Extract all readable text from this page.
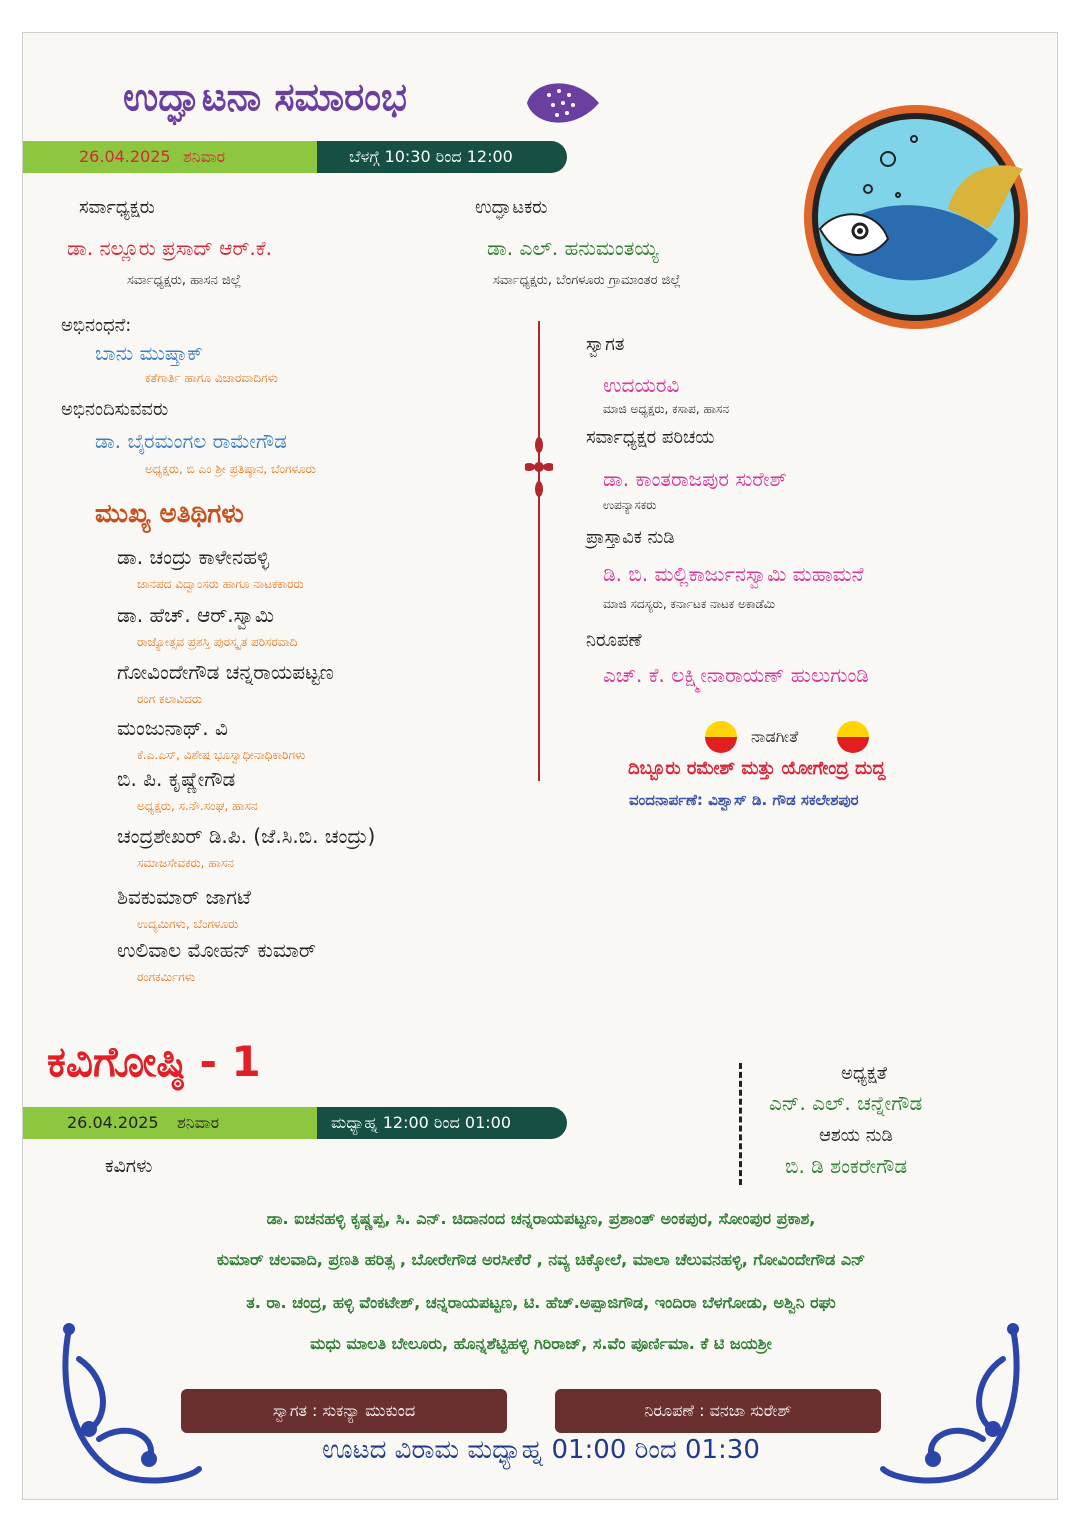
ಉದ್ಘಾಟನಾ ಸಮಾರಂಭ
26.04.2025 ಶನಿವಾರ	ಬೆಳಗ್ಗೆ 10:30 ರಿಂದ 12:00
ಸರ್ವಾಧ್ಯಕ್ಷರು
ಡಾ. ನಲ್ಲೂರು ಪ್ರಸಾದ್ ಆರ್.ಕೆ.
ಸರ್ವಾಧ್ಯಕ್ಷರು, ಹಾಸನ ಜಿಲ್ಲೆ
ಉದ್ಘಾಟಕರು
ಡಾ. ಎಲ್. ಹನುಮಂತಯ್ಯ
ಸರ್ವಾಧ್ಯಕ್ಷರು, ಬೆಂಗಳೂರು ಗ್ರಾಮಾಂತರ ಜಿಲ್ಲೆ
ಅಭಿನಂಧನೆ:
ಬಾನು ಮುಷ್ತಾಕ್
ಕತೆಗಾರ್ತಿ ಹಾಗೂ ವಿಚಾರವಾದಿಗಳು
ಅಭಿನಂದಿಸುವವರು
ಡಾ. ಬೈರಮಂಗಲ ರಾಮೇಗೌಡ
ಅಧ್ಯಕ್ಷರು, ಬಿ ಎಂ ಶ್ರೀ ಪ್ರತಿಷ್ಠಾನ, ಬೆಂಗಳೂರು
ಮುಖ್ಯ ಅತಿಥಿಗಳು
ಡಾ. ಚಂದ್ರು ಕಾಳೇನಹಳ್ಳಿ
ಜಾನಪದ ವಿದ್ವಾಂಸರು ಹಾಗೂ ನಾಟಕಕಾರರು
ಡಾ. ಹೆಚ್. ಆರ್.ಸ್ವಾಮಿ
ರಾಜ್ಯೋತ್ಸವ ಪ್ರಶಸ್ತಿ ಪುರಸ್ಕೃತ ಪರಿಸರವಾದಿ
ಗೋವಿಂದೇಗೌಡ ಚನ್ನರಾಯಪಟ್ಟಣ
ರಂಗ ಕಲಾವಿದರು
ಮಂಜುನಾಥ್. ವಿ
ಕೆ.ಎ.ಎಸ್, ವಿಶೇಷ ಭೂಸ್ವಾಧೀನಾಧಿಕಾರಿಗಳು
ಬಿ. ಪಿ. ಕೃಷ್ಣೇಗೌಡ
ಅಧ್ಯಕ್ಷರು, ಸ.ನೌ.ಸಂಘ, ಹಾಸನ
ಚಂದ್ರಶೇಖರ್ ಡಿ.ಪಿ. (ಜೆ.ಸಿ.ಬಿ. ಚಂದ್ರು)
ಸಮಾಜಸೇವಕರು, ಹಾಸನ
ಶಿವಕುಮಾರ್ ಜಾಗಟೆ
ಉದ್ಯಮಿಗಳು, ಬೆಂಗಳೂರು
ಉಲಿವಾಲ ಮೋಹನ್ ಕುಮಾರ್
ರಂಗಕರ್ಮಿಗಳು
ಸ್ವಾಗತ
ಉದಯರವಿ
ಮಾಜಿ ಅಧ್ಯಕ್ಷರು, ಕಸಾಪ, ಹಾಸನ
ಸರ್ವಾಧ್ಯಕ್ಷರ ಪರಿಚಯ
ಡಾ. ಕಾಂತರಾಜಪುರ ಸುರೇಶ್
ಉಪನ್ಯಾಸಕರು
ಪ್ರಾಸ್ತಾವಿಕ ನುಡಿ
ಡಿ. ಬಿ. ಮಲ್ಲಿಕಾರ್ಜುನಸ್ವಾಮಿ ಮಹಾಮನೆ
ಮಾಜಿ ಸದಸ್ಯರು, ಕರ್ನಾಟಕ ನಾಟಕ ಅಕಾಡೆಮಿ
ನಿರೂಪಣೆ
ಎಚ್. ಕೆ. ಲಕ್ಷ್ಮೀನಾರಾಯಣ್ ಹುಲುಗುಂಡಿ
ನಾಡಗೀತೆ
ದಿಬ್ಬೂರು ರಮೇಶ್ ಮತ್ತು ಯೋಗೇಂದ್ರ ದುದ್ದ
ವಂದನಾರ್ಪಣೆ: ವಿಶ್ವಾಸ್ ಡಿ. ಗೌಡ ಸಕಲೇಶಪುರ
ಕವಿಗೋಷ್ಠಿ - 1
26.04.2025 ಶನಿವಾರ	ಮಧ್ಯಾಹ್ನ 12:00 ರಿಂದ 01:00
ಕವಿಗಳು
ಅಧ್ಯಕ್ಷತೆ
ಎನ್. ಎಲ್. ಚನ್ನೇಗೌಡ
ಆಶಯ ನುಡಿ
ಬಿ. ಡಿ ಶಂಕರೇಗೌಡ
ಡಾ. ಐಚನಹಳ್ಳಿ ಕೃಷ್ಣಪ್ಪ, ಸಿ. ಎನ್. ಚಿದಾನಂದ ಚನ್ನರಾಯಪಟ್ಟಣ, ಪ್ರಶಾಂತ್ ಅಂಕಪುರ, ಸೋಂಪುರ ಪ್ರಕಾಶ,
ಕುಮಾರ್ ಚಲವಾದಿ, ಪ್ರಣತಿ ಹರಿತ್ಸ , ಬೋರೇಗೌಡ ಅರಸೀಕೆರೆ , ನವ್ಯ ಚಿಕ್ಕೋಲೆ, ಮಾಲಾ ಚೆಲುವನಹಳ್ಳಿ, ಗೋವಿಂದೇಗೌಡ ಎನ್
ತ. ರಾ. ಚಂದ್ರ, ಹಳ್ಳಿ ವೆಂಕಟೇಶ್, ಚನ್ನರಾಯಪಟ್ಟಣ, ಟಿ. ಹೆಚ್.ಅಪ್ಪಾಜಿಗೌಡ, ಇಂದಿರಾ ಬೆಳಗೋಡು, ಅಶ್ವಿನಿ ರಘು
ಮಧು ಮಾಲತಿ ಬೇಲೂರು, ಹೊನ್ನಶೆಟ್ಟಿಹಳ್ಳಿ ಗಿರಿರಾಜ್, ಸ.ವೆಂ ಪೂರ್ಣಿಮಾ. ಕೆ ಟಿ ಜಯಶ್ರೀ
ಸ್ವಾಗತ : ಸುಕನ್ಯಾ ಮುಕುಂದ	ನಿರೂಪಣೆ : ವನಜಾ ಸುರೇಶ್
ಊಟದ ವಿರಾಮ ಮಧ್ಯಾಹ್ನ 01:00 ರಿಂದ 01:30
